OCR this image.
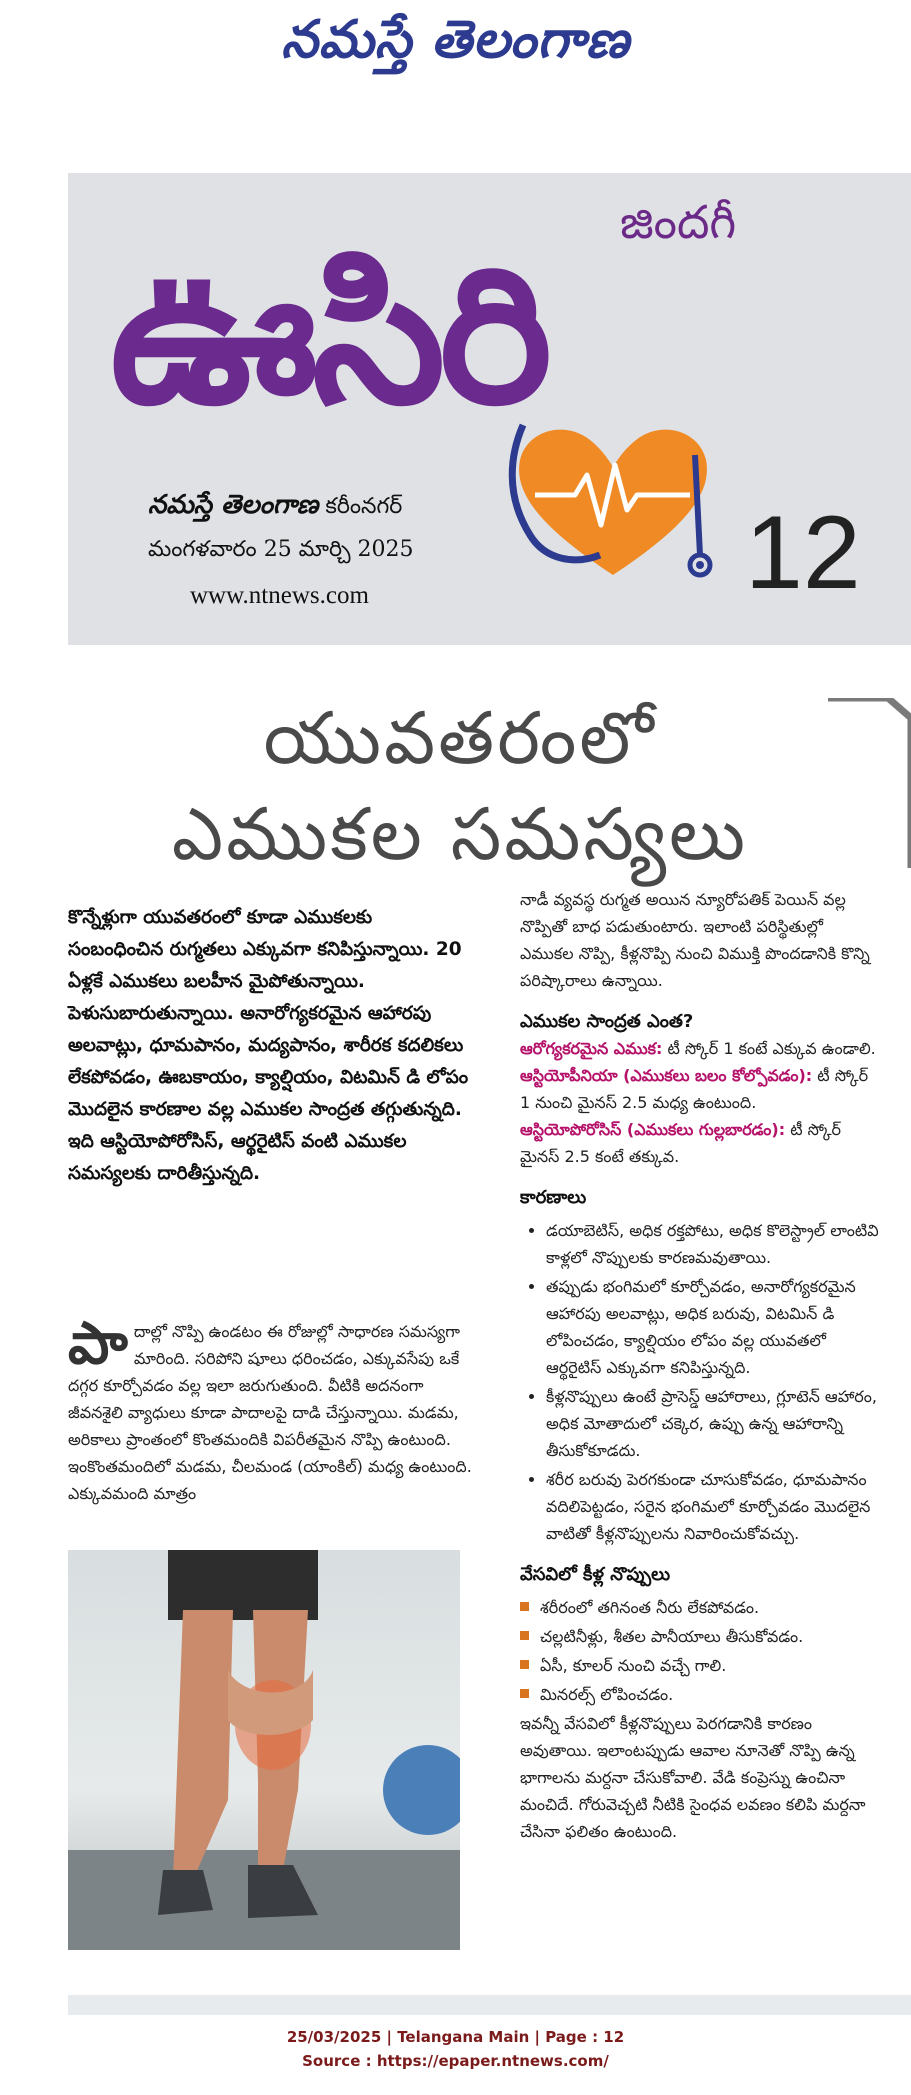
నమస్తే తెలంగాణ
జిందగీ
ఊసిరి
12
నమస్తే తెలంగాణ కరీంనగర్
మంగళవారం 25 మార్చి 2025
www.ntnews.com
యువతరంలో
ఎముకల సమస్యలు

కొన్నేళ్లుగా యువతరంలో కూడా ఎముకలకు సంబంధించిన రుగ్మతలు ఎక్కువగా కనిపిస్తున్నాయి. 20 ఏళ్లకే ఎముకలు బలహీన మైపోతున్నాయి. పెళుసుబారుతున్నాయి. అనారోగ్యకరమైన ఆహారపు అలవాట్లు, ధూమపానం, మద్యపానం, శారీరక కదలికలు లేకపోవడం, ఊబకాయం, క్యాల్షియం, విటమిన్ డి లోపం మొదలైన కారణాల వల్ల ఎముకల సాంద్రత తగ్గుతున్నది. ఇది ఆస్టియోపోరోసిస్, ఆర్థరైటిస్ వంటి ఎముకల సమస్యలకు దారితీస్తున్నది.

పాదాల్లో నొప్పి ఉండటం ఈ రోజుల్లో సాధారణ సమస్యగా మారింది. సరిపోని షూలు ధరించడం, ఎక్కువసేపు ఒకే దగ్గర కూర్చోవడం వల్ల ఇలా జరుగుతుంది. వీటికి అదనంగా జీవనశైలి వ్యాధులు కూడా పాదాలపై దాడి చేస్తున్నాయి. మడమ, అరికాలు ప్రాంతంలో కొంతమందికి విపరీతమైన నొప్పి ఉంటుంది. ఇంకొంతమందిలో మడమ, చీలమండ (యాంకిల్) మధ్య ఉంటుంది. ఎక్కువమంది మాత్రం

నాడీ వ్యవస్థ రుగ్మత అయిన న్యూరోపతిక్ పెయిన్ వల్ల నొప్పితో బాధ పడుతుంటారు. ఇలాంటి పరిస్థితుల్లో ఎముకల నొప్పి, కీళ్లనొప్పి నుంచి విముక్తి పొందడానికి కొన్ని పరిష్కారాలు ఉన్నాయి.

ఎముకల సాంద్రత ఎంత?

ఆరోగ్యకరమైన ఎముక: టీ స్కోర్ 1 కంటే ఎక్కువ ఉండాలి.

ఆస్టియోపీనియా (ఎముకలు బలం కోల్పోవడం): టీ స్కోర్ 1 నుంచి మైనస్ 2.5 మధ్య ఉంటుంది.

ఆస్టియోపోరోసిస్ (ఎముకలు గుల్లబారడం): టీ స్కోర్ మైనస్ 2.5 కంటే తక్కువ.

కారణాలు

• డయాబెటిస్, అధిక రక్తపోటు, అధిక కొలెస్ట్రాల్ లాంటివి కాళ్లలో నొప్పులకు కారణమవుతాయి.
• తప్పుడు భంగిమలో కూర్చోవడం, అనారోగ్యకరమైన ఆహారపు అలవాట్లు, అధిక బరువు, విటమిన్ డి లోపించడం, క్యాల్షియం లోపం వల్ల యువతలో ఆర్థరైటిస్ ఎక్కువగా కనిపిస్తున్నది.
• కీళ్లనొప్పులు ఉంటే ప్రాసెస్డ్ ఆహారాలు, గ్లూటెన్ ఆహారం, అధిక మోతాదులో చక్కెర, ఉప్పు ఉన్న ఆహారాన్ని తీసుకోకూడదు.
• శరీర బరువు పెరగకుండా చూసుకోవడం, ధూమపానం వదిలిపెట్టడం, సరైన భంగిమలో కూర్చోవడం మొదలైన వాటితో కీళ్లనొప్పులను నివారించుకోవచ్చు.

వేసవిలో కీళ్ల నొప్పులు

శరీరంలో తగినంత నీరు లేకపోవడం.
చల్లటినీళ్లు, శీతల పానీయాలు తీసుకోవడం.
ఏసీ, కూలర్ నుంచి వచ్చే గాలి.
మినరల్స్ లోపించడం.

ఇవన్నీ వేసవిలో కీళ్లనొప్పులు పెరగడానికి కారణం అవుతాయి. ఇలాంటప్పుడు ఆవాల నూనెతో నొప్పి ఉన్న భాగాలను మర్దనా చేసుకోవాలి. వేడి కంప్రెస్ను ఉంచినా మంచిదే. గోరువెచ్చటి నీటికి సైంధవ లవణం కలిపి మర్దనా చేసినా ఫలితం ఉంటుంది.

25/03/2025 | Telangana Main | Page : 12
Source : https://epaper.ntnews.com/
